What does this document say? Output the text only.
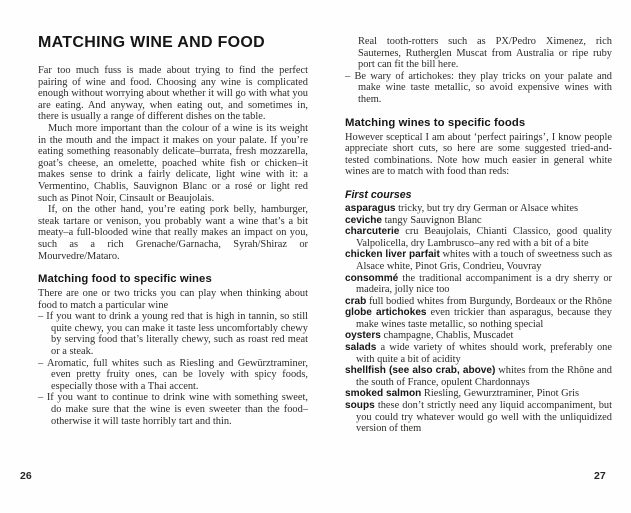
MATCHING WINE AND FOOD

Far too much fuss is made about trying to find the perfect pairing of wine and food. Choosing any wine is complicated enough without worrying about whether it will go with what you are eating. And anyway, when eating out, and sometimes in, there is usually a range of different dishes on the table.

Much more important than the colour of a wine is its weight in the mouth and the impact it makes on your palate. If you’re eating something reasonably delicate–burrata, fresh mozzarella, goat’s cheese, an omelette, poached white fish or chicken–it makes sense to drink a fairly delicate, light wine with it: a Vermentino, Chablis, Sauvignon Blanc or a rosé or light red such as Pinot Noir, Cinsault or Beaujolais.

If, on the other hand, you’re eating pork belly, hamburger, steak tartare or venison, you probably want a wine that’s a bit meaty–a full-blooded wine that really makes an impact on you, such as a rich Grenache/Garnacha, Syrah/Shiraz or Mourvedre/Mataro.

Matching food to specific wines

There are one or two tricks you can play when thinking about food to match a particular wine

– If you want to drink a young red that is high in tannin, so still quite chewy, you can make it taste less uncomfortably chewy by serving food that’s literally chewy, such as roast red meat or a steak.
– Aromatic, full whites such as Riesling and Gewürztraminer, even pretty fruity ones, can be lovely with spicy foods, especially those with a Thai accent.
– If you want to continue to drink wine with something sweet, do make sure that the wine is even sweeter than the food–otherwise it will taste horribly tart and thin.

Real tooth-rotters such as PX/Pedro Ximenez, rich Sauternes, Rutherglen Muscat from Australia or ripe ruby port can fit the bill here.

– Be wary of artichokes: they play tricks on your palate and make wine taste metallic, so avoid expensive wines with them.
Matching wines to specific foods

However sceptical I am about ‘perfect pairings’, I know people appreciate short cuts, so here are some suggested tried-and-tested combinations. Note how much easier in general white wines are to match with food than reds:

First courses
asparagus tricky, but try dry German or Alsace whites
ceviche tangy Sauvignon Blanc
charcuterie cru Beaujolais, Chianti Classico, good quality Valpolicella, dry Lambrusco–any red with a bit of a bite
chicken liver parfait whites with a touch of sweetness such as Alsace white, Pinot Gris, Condrieu, Vouvray
consommé the traditional accompaniment is a dry sherry or madeira, jolly nice too
crab full bodied whites from Burgundy, Bordeaux or the Rhône
globe artichokes even trickier than asparagus, because they make wines taste metallic, so nothing special
oysters champagne, Chablis, Muscadet
salads a wide variety of whites should work, preferably one with quite a bit of acidity
shellfish (see also crab, above) whites from the Rhône and the south of France, opulent Chardonnays
smoked salmon Riesling, Gewurztraminer, Pinot Gris
soups these don’t strictly need any liquid accompaniment, but you could try whatever would go well with the unliquidized version of them
26	27
